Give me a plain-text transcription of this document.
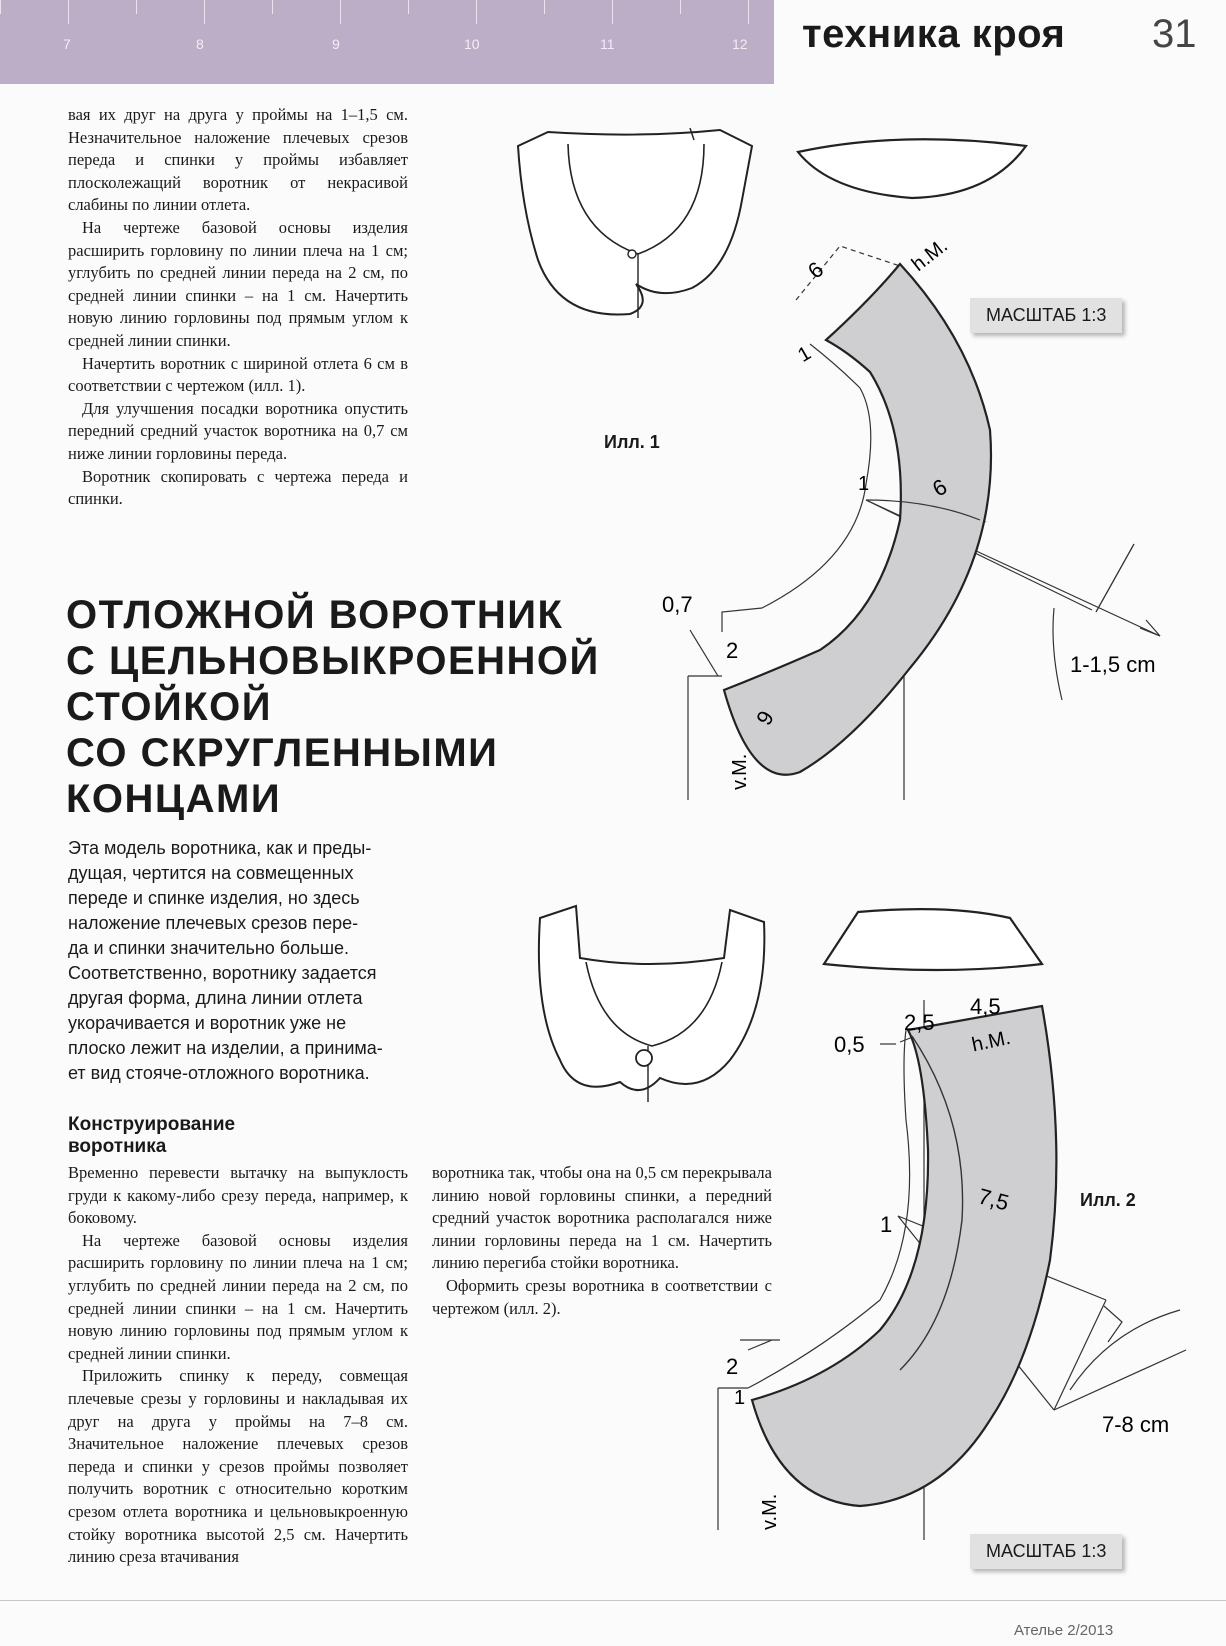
7	8	9	10	11	12 техника кроя 31

вая их друг на друга у проймы на 1–1,5 см. Незначительное наложение плечевых срезов переда и спинки у проймы избавляет плосколежащий воротник от некрасивой слабины по линии отлета.

На чертеже базовой основы изделия расширить горловину по линии плеча на 1 см; углубить по средней линии переда на 2 см, по средней линии спинки – на 1 см. Начертить новую линию горловины под прямым углом к средней линии спинки.

Начертить воротник с шириной отлета 6 см в соответствии с чертежом (илл. 1).

Для улучшения посадки воротника опустить передний средний участок воротника на 0,7 см ниже линии горловины переда.

Воротник скопировать с чертежа переда и спинки.

ОТЛОЖНОЙ ВОРОТНИК
С ЦЕЛЬНОВЫКРОЕННОЙ
СТОЙКОЙ
СО СКРУГЛЕННЫМИ
КОНЦАМИ
Эта модель воротника, как и преды-
дущая, чертится на совмещенных
переде и спинке изделия, но здесь
наложение плечевых срезов пере-
да и спинки значительно больше.
Соответственно, воротнику задается
другая форма, длина линии отлета
укорачивается и воротник уже не
плоско лежит на изделии, а принима-
ет вид стояче-отложного воротника.
Конструирование
воротника

Временно перевести вытачку на выпуклость груди к какому-либо срезу переда, например, к боковому.

На чертеже базовой основы изделия расширить горловину по линии плеча на 1 см; углубить по средней линии переда на 2 см, по средней линии спинки – на 1 см. Начертить новую линию горловины под прямым углом к средней линии спинки.

Приложить спинку к переду, совмещая плечевые срезы у горловины и накладывая их друг на друга у проймы на 7–8 см. Значительное наложение плечевых срезов переда и спинки у срезов проймы позволяет получить воротник с относительно коротким срезом отлета воротника и цельновыкроенную стойку воротника высотой 2,5 см. Начертить линию среза втачивания

воротника так, чтобы она на 0,5 см перекрывала линию новой горловины спинки, а передний средний участок воротника располагался ниже линии горловины переда на 1 см. Начертить линию перегиба стойки воротника.

Оформить срезы воротника в соответствии с чертежом (илл. 2).

6	h.M.
1
1	6
0,7
2
6
v.M.
1-1,5 cm
0,5
2,5
4,5
h.M.
7,5
1
2
1
v.M.
7-8 cm
Илл. 1
МАСШТАБ 1:3
Илл. 2
МАСШТАБ 1:3
Ателье 2/2013
